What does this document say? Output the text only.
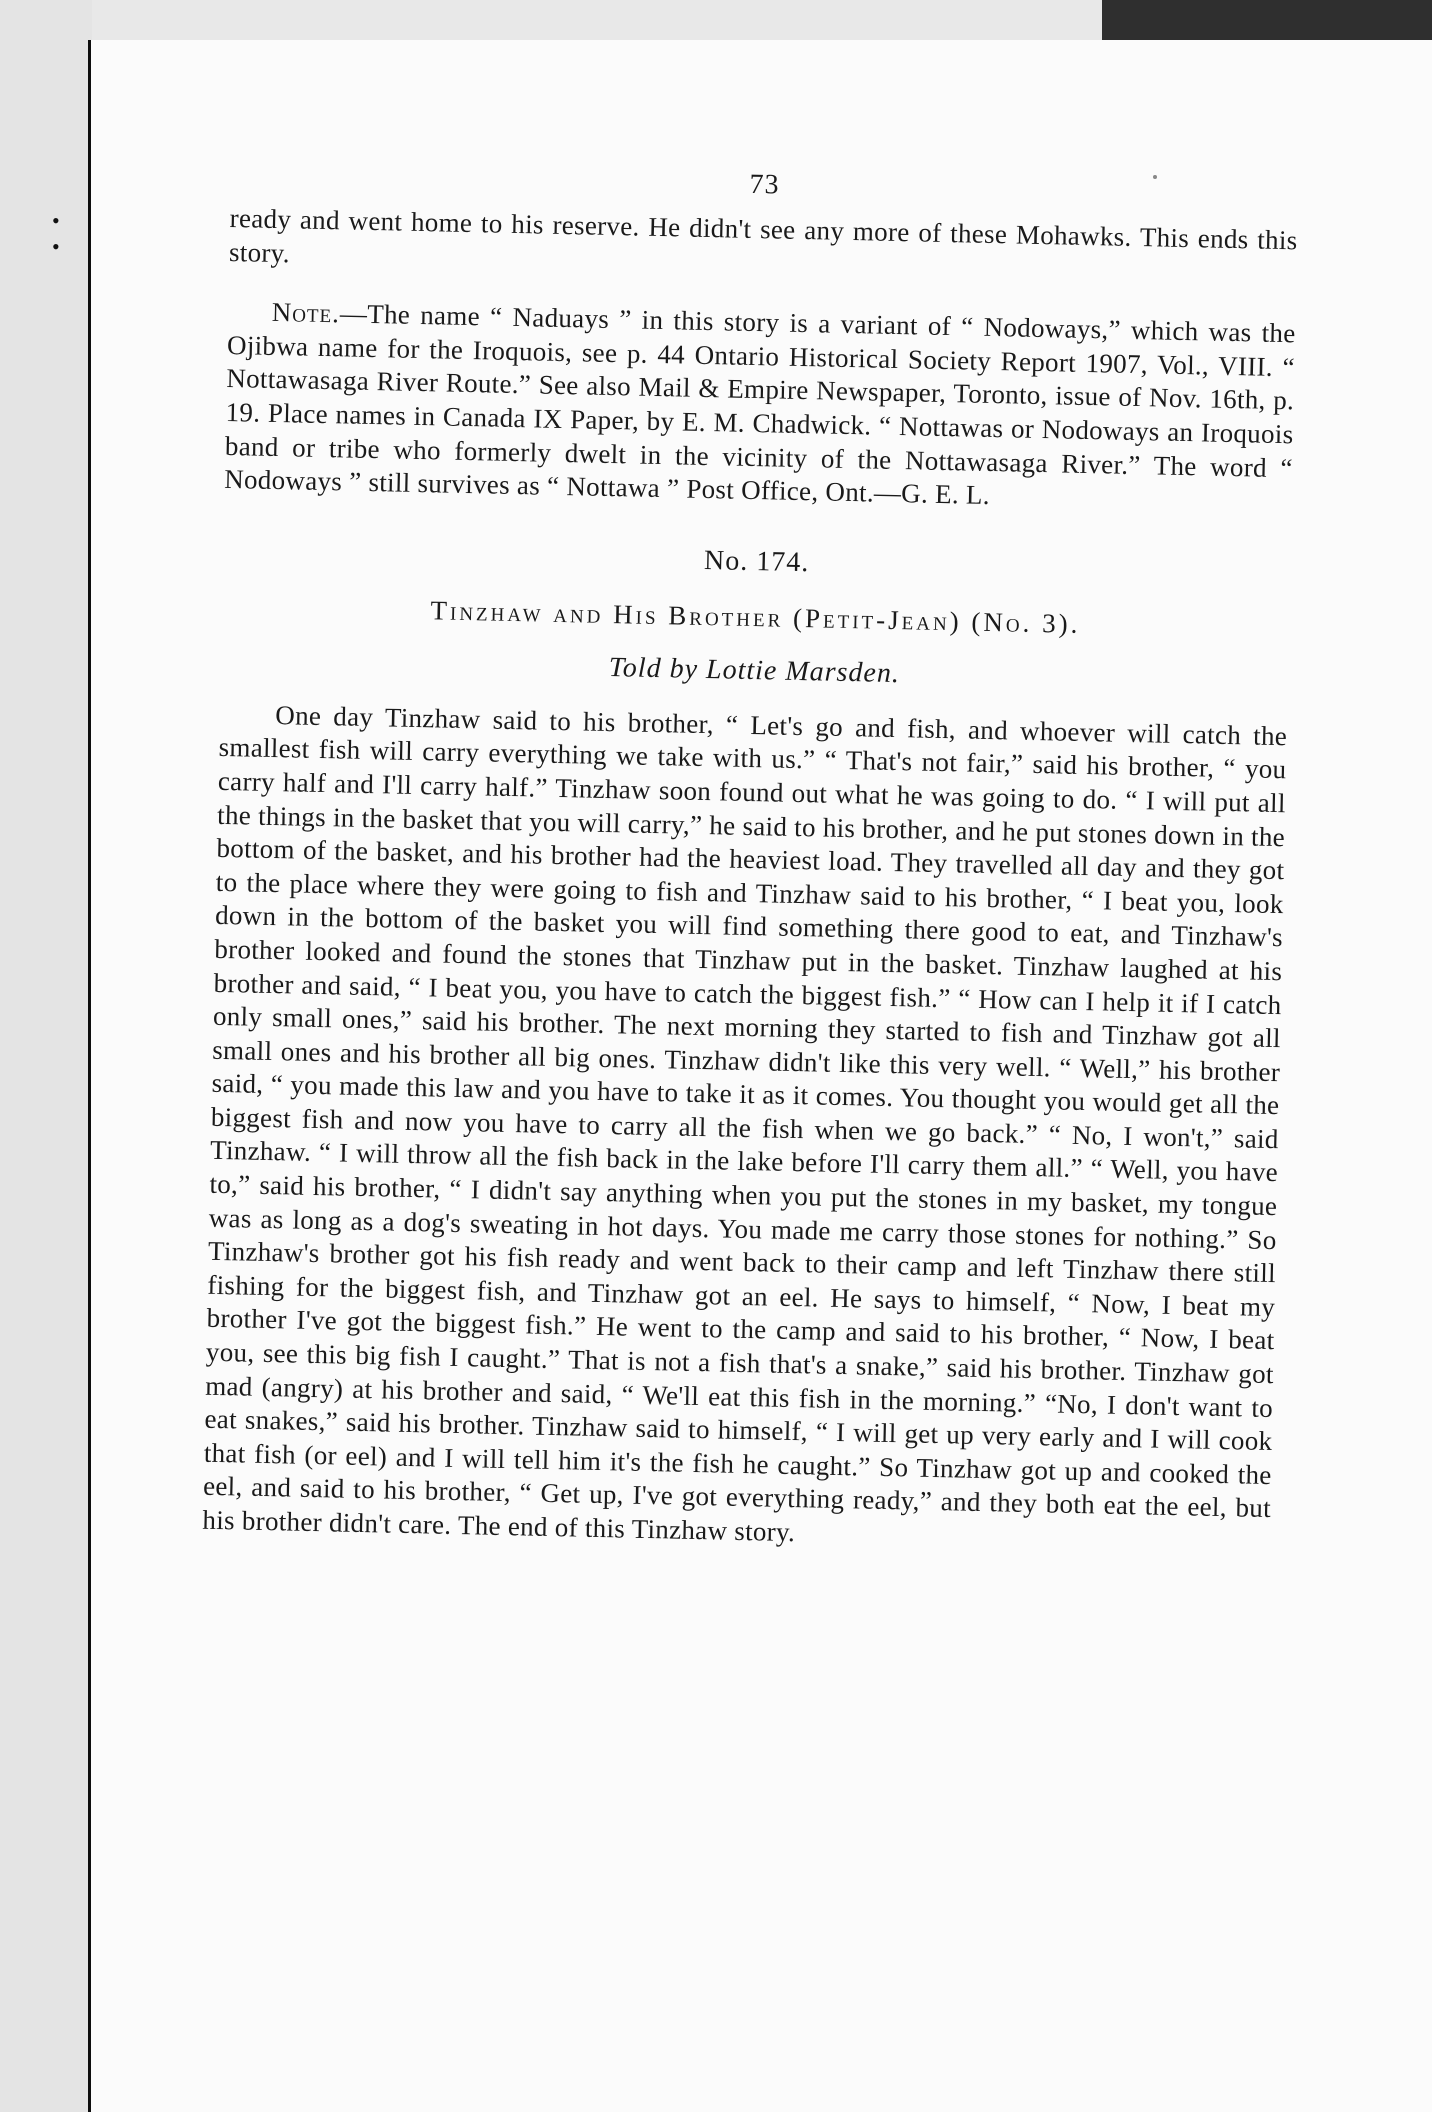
• •
73

ready and went home to his reserve. He didn't see any more of these Mohawks. This ends this story.

Note.—The name “ Naduays ” in this story is a variant of “ Nodoways,” which was the Ojibwa name for the Iroquois, see p. 44 Ontario Historical Society Report 1907, Vol., VIII. “ Nottawasaga River Route.” See also Mail & Empire Newspaper, Toronto, issue of Nov. 16th, p. 19. Place names in Canada IX Paper, by E. M. Chadwick. “ Nottawas or Nodoways an Iroquois band or tribe who formerly dwelt in the vicinity of the Nottawasaga River.” The word “ Nodoways ” still survives as “ Nottawa ” Post Office, Ont.—G. E. L.

No. 174.
Tinzhaw and His Brother (Petit-Jean) (No. 3).
Told by Lottie Marsden.

One day Tinzhaw said to his brother, “ Let's go and fish, and whoever will catch the smallest fish will carry everything we take with us.” “ That's not fair,” said his brother, “ you carry half and I'll carry half.” Tinzhaw soon found out what he was going to do. “ I will put all the things in the basket that you will carry,” he said to his brother, and he put stones down in the bottom of the basket, and his brother had the heaviest load. They travelled all day and they got to the place where they were going to fish and Tinzhaw said to his brother, “ I beat you, look down in the bottom of the basket you will find something there good to eat, and Tinzhaw's brother looked and found the stones that Tinzhaw put in the basket. Tinzhaw laughed at his brother and said, “ I beat you, you have to catch the biggest fish.” “ How can I help it if I catch only small ones,” said his brother. The next morning they started to fish and Tinzhaw got all small ones and his brother all big ones. Tinzhaw didn't like this very well. “ Well,” his brother said, “ you made this law and you have to take it as it comes. You thought you would get all the biggest fish and now you have to carry all the fish when we go back.” “ No, I won't,” said Tinzhaw. “ I will throw all the fish back in the lake before I'll carry them all.” “ Well, you have to,” said his brother, “ I didn't say anything when you put the stones in my basket, my tongue was as long as a dog's sweating in hot days. You made me carry those stones for nothing.” So Tinzhaw's brother got his fish ready and went back to their camp and left Tinzhaw there still fishing for the biggest fish, and Tinzhaw got an eel. He says to himself, “ Now, I beat my brother I've got the biggest fish.” He went to the camp and said to his brother, “ Now, I beat you, see this big fish I caught.” That is not a fish that's a snake,” said his brother. Tinzhaw got mad (angry) at his brother and said, “ We'll eat this fish in the morning.” “No, I don't want to eat snakes,” said his brother. Tinzhaw said to himself, “ I will get up very early and I will cook that fish (or eel) and I will tell him it's the fish he caught.” So Tinzhaw got up and cooked the eel, and said to his brother, “ Get up, I've got everything ready,” and they both eat the eel, but his brother didn't care. The end of this Tinzhaw story.
